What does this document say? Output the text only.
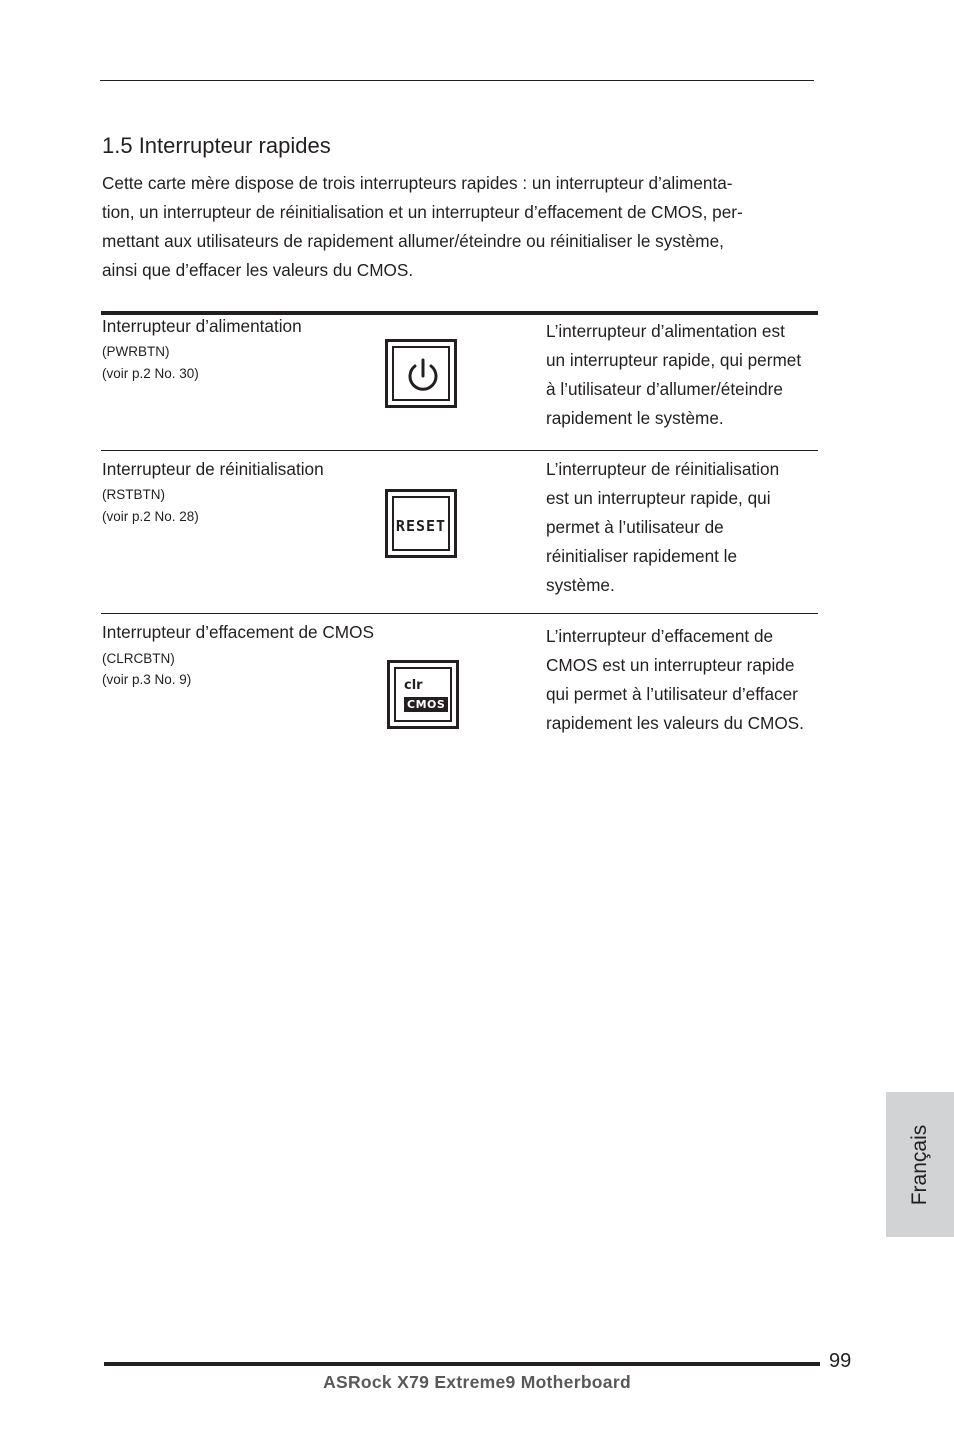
1.5 Interrupteur rapides

Cette carte mère dispose de trois interrupteurs rapides : un interrupteur d’alimenta-
tion, un interrupteur de réinitialisation et un interrupteur d’effacement de CMOS, per-
mettant aux utilisateurs de rapidement allumer/éteindre ou réinitialiser le système,
ainsi que d’effacer les valeurs du CMOS.

Interrupteur d’alimentation
(PWRBTN)
(voir p.2 No. 30)
L’interrupteur d’alimentation est
un interrupteur rapide, qui permet
à l’utilisateur d’allumer/éteindre
rapidement le système.
Interrupteur de réinitialisation
(RSTBTN)
(voir p.2 No. 28)
RESET
L’interrupteur de réinitialisation
est un interrupteur rapide, qui
permet à l’utilisateur de
réinitialiser rapidement le
système.
Interrupteur d’effacement de CMOS
(CLRCBTN)
(voir p.3 No. 9)	clr
CMOS
L’interrupteur d’effacement de
CMOS est un interrupteur rapide
qui permet à l’utilisateur d’effacer
rapidement les valeurs du CMOS.
Français
99
ASRock X79 Extreme9 Motherboard
